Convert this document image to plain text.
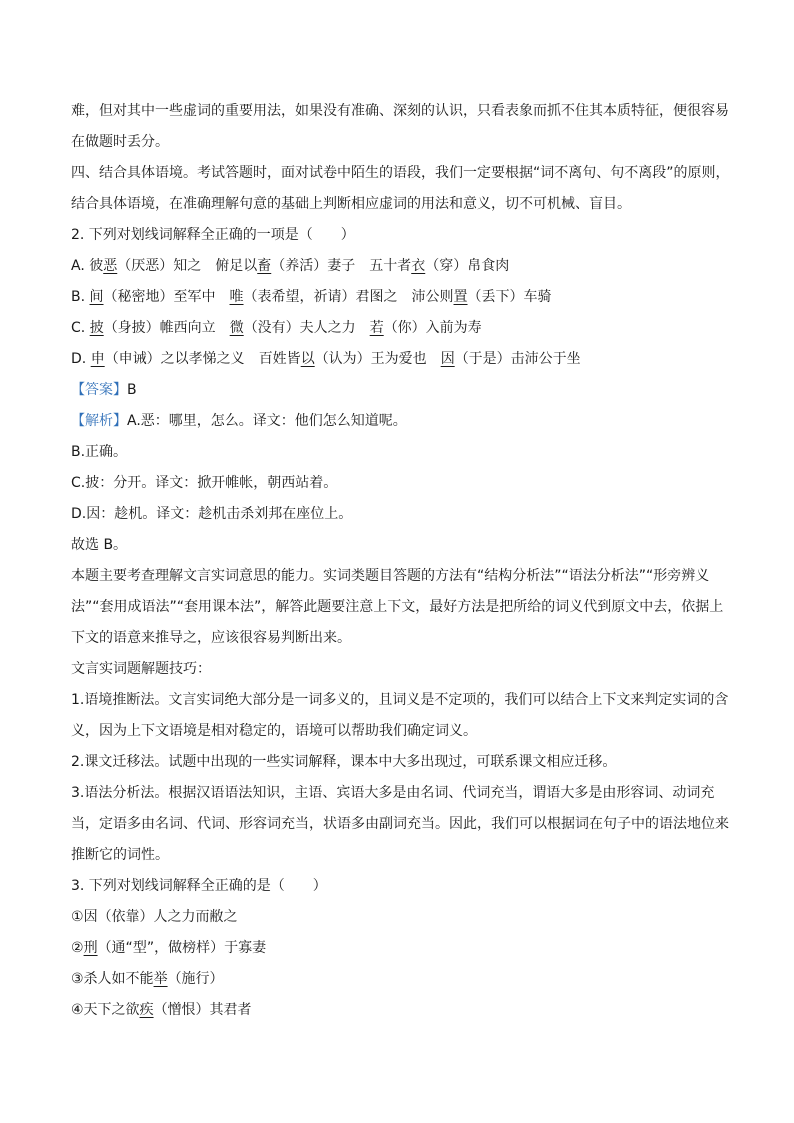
难，但对其中一些虚词的重要用法，如果没有准确、深刻的认识，只看表象而抓不住其本质特征，便很容易在做题时丢分。

四、结合具体语境。考试答题时，面对试卷中陌生的语段，我们一定要根据“词不离句、句不离段”的原则，结合具体语境，在准确理解句意的基础上判断相应虚词的用法和意义，切不可机械、盲目。

2. 下列对划线词解释全正确的一项是（　　）

A. 彼恶（厌恶）知之 俯足以畜（养活）妻子 五十者衣（穿）帛食肉

B. 间（秘密地）至军中 唯（表希望，祈请）君图之 沛公则置（丢下）车骑

C. 披（身披）帷西向立 微（没有）夫人之力 若（你）入前为寿

D. 申（申诫）之以孝悌之义 百姓皆以（认为）王为爱也 因（于是）击沛公于坐

【答案】B

【解析】A.恶：哪里，怎么。译文：他们怎么知道呢。

B.正确。

C.披：分开。译文：掀开帷帐，朝西站着。

D.因：趁机。译文：趁机击杀刘邦在座位上。

故选 B。

本题主要考查理解文言实词意思的能力。实词类题目答题的方法有“结构分析法”“语法分析法”“形旁辨义法”“套用成语法”“套用课本法”，解答此题要注意上下文，最好方法是把所给的词义代到原文中去，依据上下文的语意来推导之，应该很容易判断出来。

文言实词题解题技巧：

1.语境推断法。文言实词绝大部分是一词多义的，且词义是不定项的，我们可以结合上下文来判定实词的含义，因为上下文语境是相对稳定的，语境可以帮助我们确定词义。

2.课文迁移法。试题中出现的一些实词解释，课本中大多出现过，可联系课文相应迁移。

3.语法分析法。根据汉语语法知识，主语、宾语大多是由名词、代词充当，谓语大多是由形容词、动词充当，定语多由名词、代词、形容词充当，状语多由副词充当。因此，我们可以根据词在句子中的语法地位来推断它的词性。

3. 下列对划线词解释全正确的是（　　）

①因（依靠）人之力而敝之

②刑（通“型”，做榜样）于寡妻

③杀人如不能举（施行）

④天下之欲疾（憎恨）其君者
